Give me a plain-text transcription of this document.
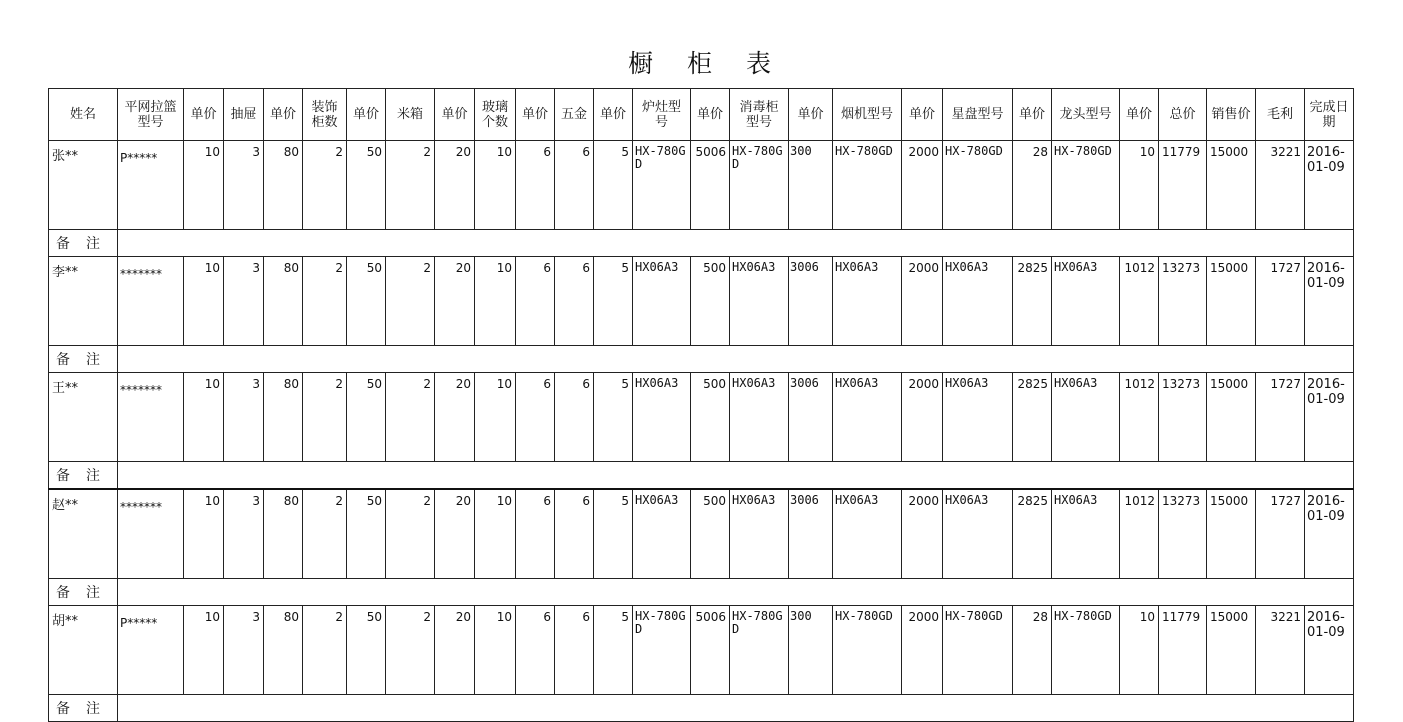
橱 柜 表
姓名	平网拉篮型号	单价	抽屉	单价	装饰柜数	单价	米箱	单价	玻璃个数	单价	五金	单价	炉灶型号	单价	消毒柜型号	单价	烟机型号	单价	星盘型号	单价	龙头型号	单价	总价	销售价	毛利	完成日期
张**	P*****	10	3	80	2	50	2	20	10	6	6	5	HX-780GD	5006	HX-780GD	300	HX-780GD	2000	HX-780GD	28	HX-780GD	10	11779	15000	3221	2016-01-09
备注																										
李**	*******	10	3	80	2	50	2	20	10	6	6	5	HX06A3	500	HX06A3	3006	HX06A3	2000	HX06A3	2825	HX06A3	1012	13273	15000	1727	2016-01-09
备注																										
王**	*******	10	3	80	2	50	2	20	10	6	6	5	HX06A3	500	HX06A3	3006	HX06A3	2000	HX06A3	2825	HX06A3	1012	13273	15000	1727	2016-01-09
备注																										
赵**	*******	10	3	80	2	50	2	20	10	6	6	5	HX06A3	500	HX06A3	3006	HX06A3	2000	HX06A3	2825	HX06A3	1012	13273	15000	1727	2016-01-09
备注																										
胡**	P*****	10	3	80	2	50	2	20	10	6	6	5	HX-780GD	5006	HX-780GD	300	HX-780GD	2000	HX-780GD	28	HX-780GD	10	11779	15000	3221	2016-01-09
备注																										
